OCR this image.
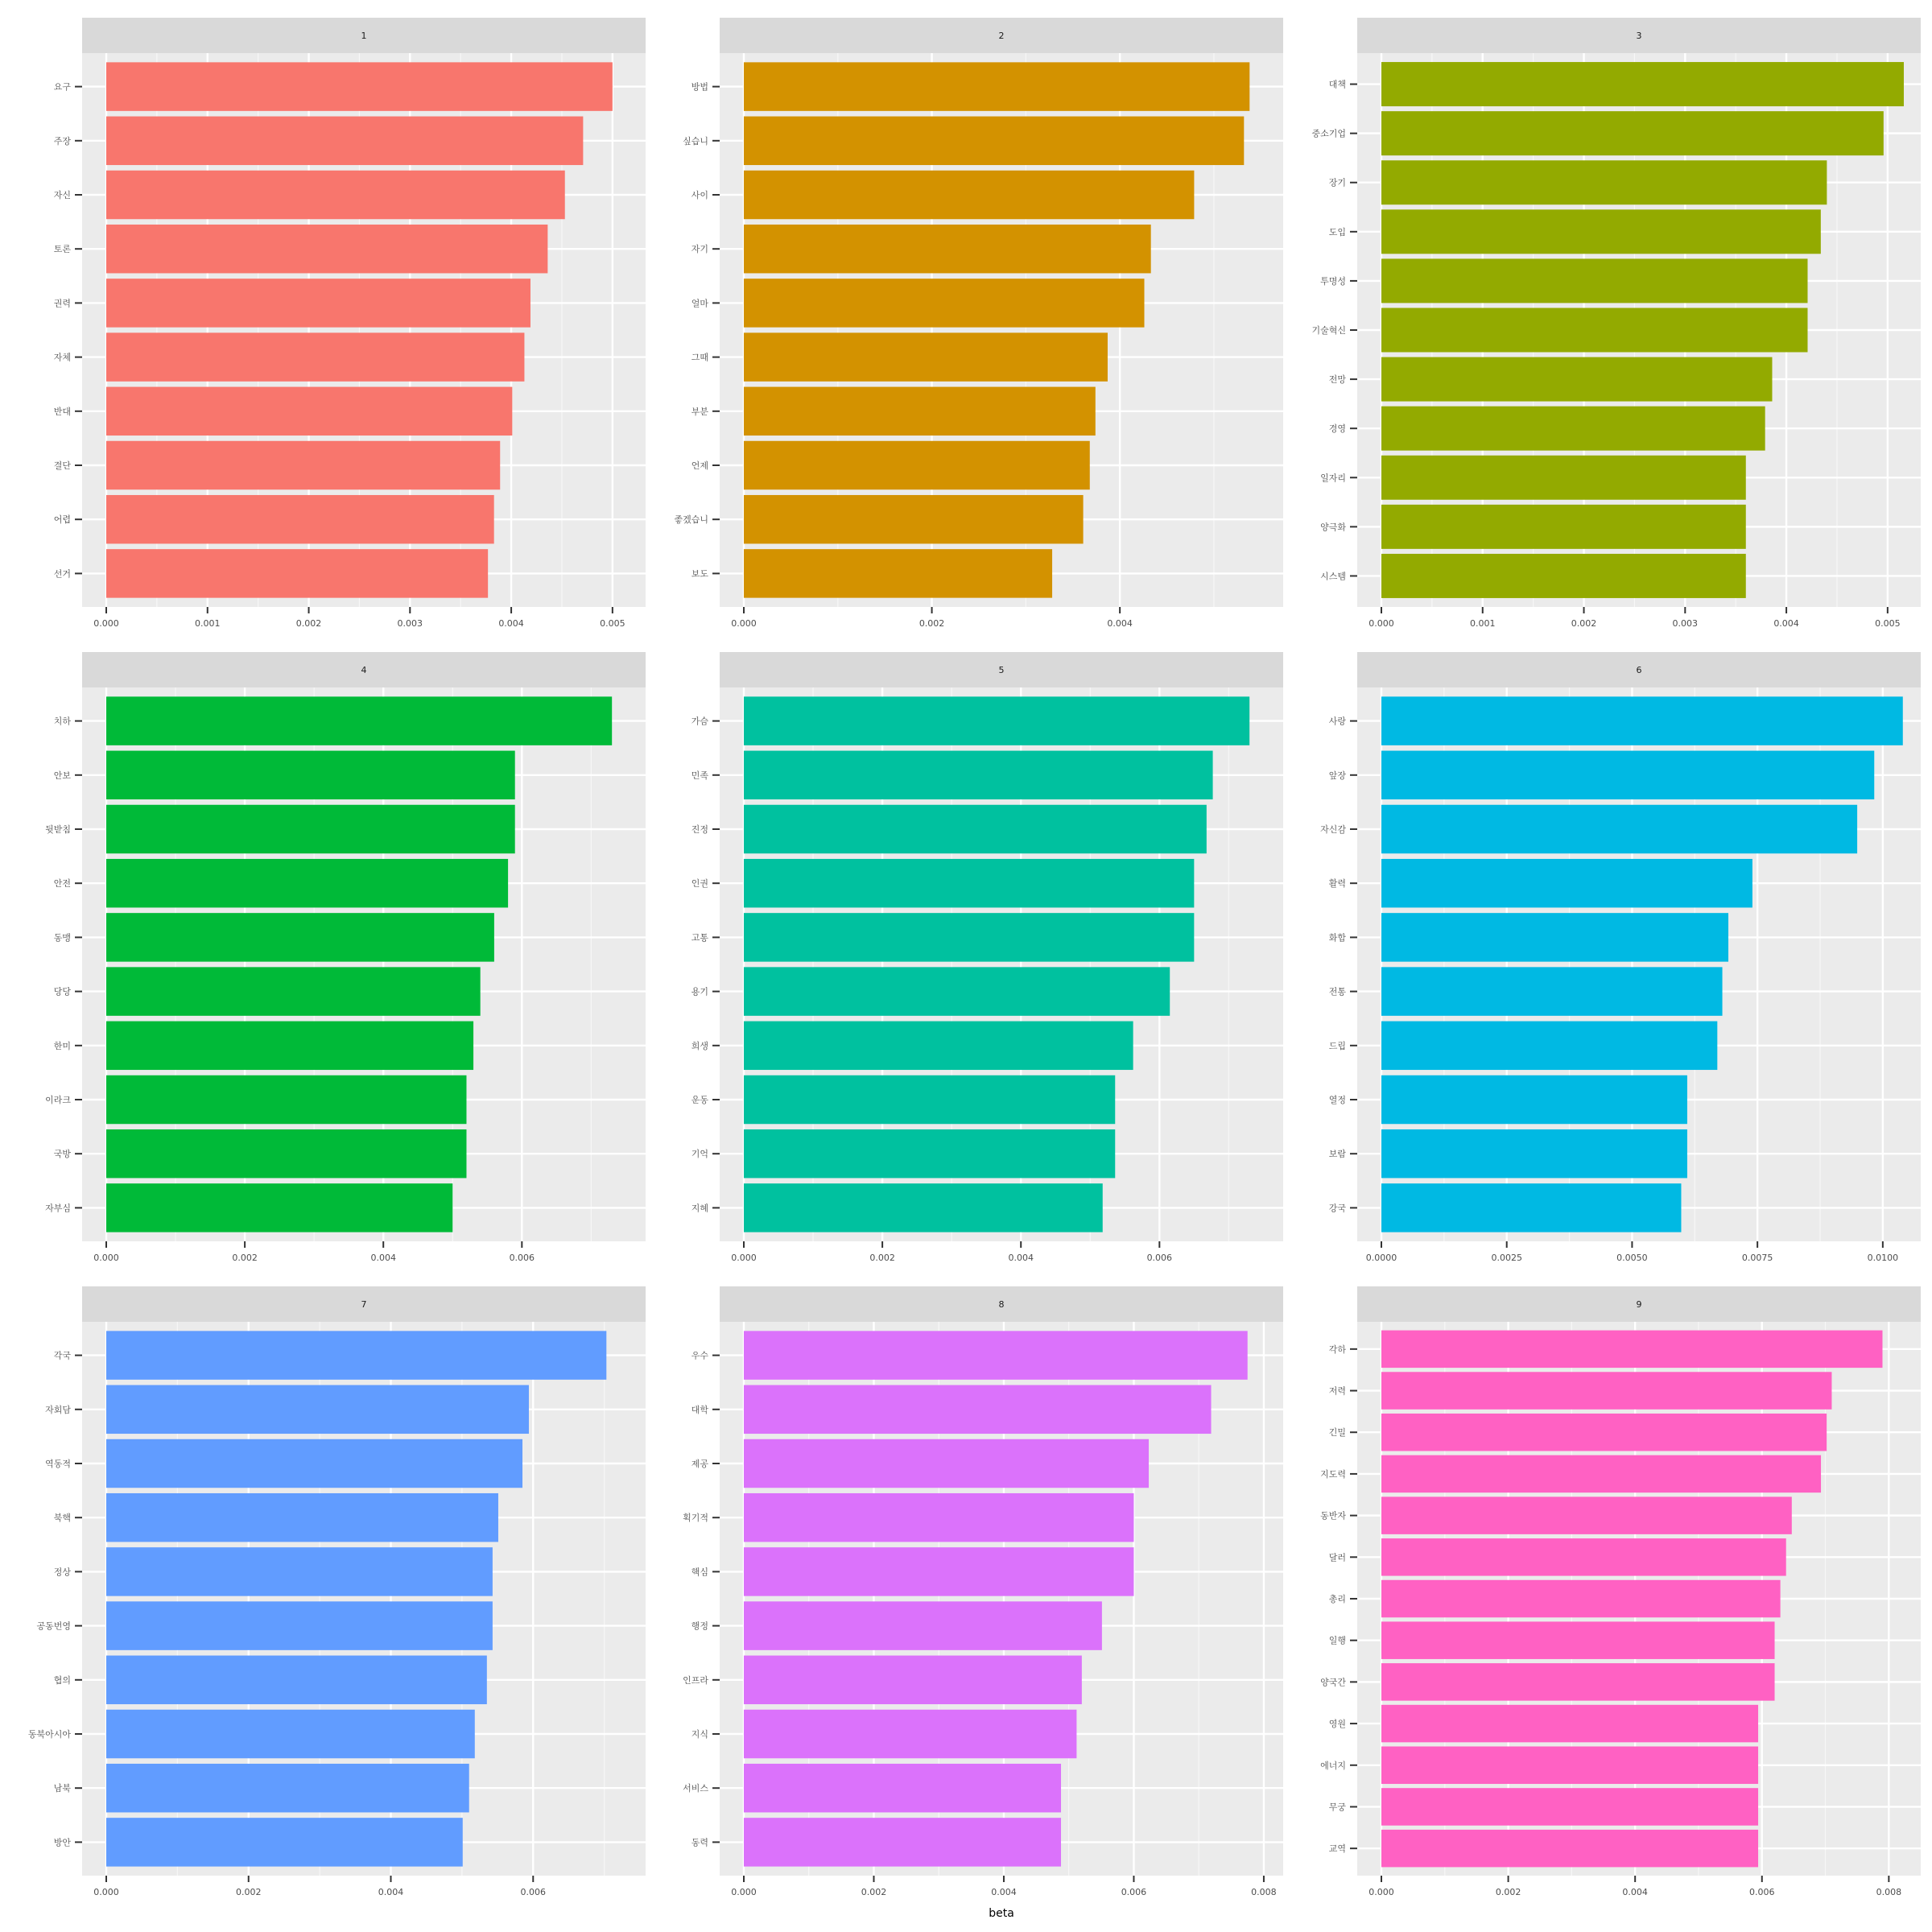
1
요구
주장
자신
토론
권력
자체
반대
결단
어렵
선거
0.000	0.001	0.002	0.003	0.004	0.005
2
방법
싶습니
사이
자기
얼마
그때
부분
언제
좋겠습니
보도
0.000	0.002	0.004
3
대책
중소기업
장기
도입
투명성
기술혁신
전망
경영
일자리
양극화
시스템
0.000	0.001	0.002	0.003	0.004	0.005
4
치하
안보
뒷받침
안전
동맹
당당
한미
이라크
국방
자부심
0.000	0.002	0.004	0.006
5
가슴
민족
진정
인권
고통
용기
희생
운동
기억
지혜
0.000	0.002	0.004	0.006
6
사랑
앞장
자신감
활력
화합
전통
드립
열정
보람
강국
0.0000	0.0025	0.0050	0.0075	0.0100
7
각국
자회담
역동적
북핵
정상
공동번영
협의
동북아시아
남북
방안
0.000	0.002	0.004	0.006
8
우수
대학
제공
획기적
핵심
행정
인프라
지식
서비스
동력
0.000	0.002	0.004	0.006	0.008
9
각하
저력
긴밀
지도력
동반자
달러
총리
일행
양국간
영원
에너지
무궁
교역
0.000	0.002	0.004	0.006	0.008
beta
